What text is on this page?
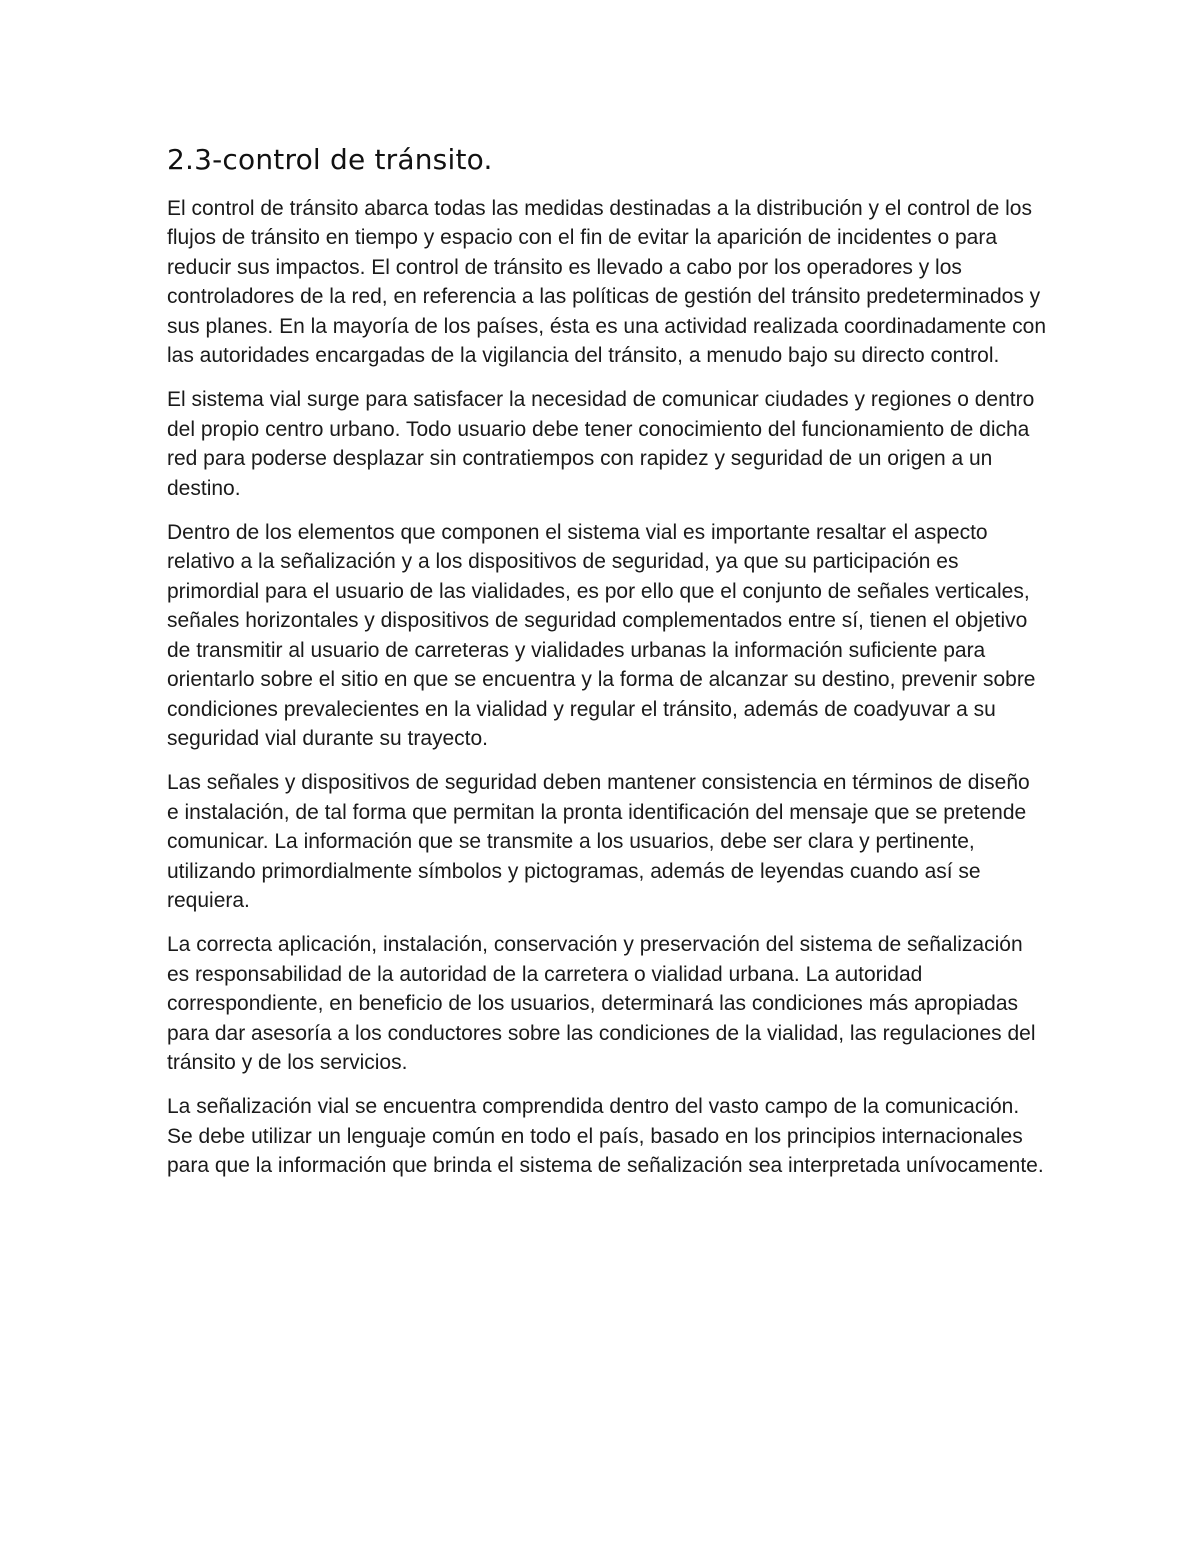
2.3-control de tránsito.

El control de tránsito abarca todas las medidas destinadas a la distribución y el control de los flujos de tránsito en tiempo y espacio con el fin de evitar la aparición de incidentes o para reducir sus impactos. El control de tránsito es llevado a cabo por los operadores y los controladores de la red, en referencia a las políticas de gestión del tránsito predeterminados y sus planes. En la mayoría de los países, ésta es una actividad realizada coordinadamente con las autoridades encargadas de la vigilancia del tránsito, a menudo bajo su directo control.

El sistema vial surge para satisfacer la necesidad de comunicar ciudades y regiones o dentro del propio centro urbano. Todo usuario debe tener conocimiento del funcionamiento de dicha red para poderse desplazar sin contratiempos con rapidez y seguridad de un origen a un destino.

Dentro de los elementos que componen el sistema vial es importante resaltar el aspecto relativo a la señalización y a los dispositivos de seguridad, ya que su participación es primordial para el usuario de las vialidades, es por ello que el conjunto de señales verticales, señales horizontales y dispositivos de seguridad complementados entre sí, tienen el objetivo de transmitir al usuario de carreteras y vialidades urbanas la información suficiente para orientarlo sobre el sitio en que se encuentra y la forma de alcanzar su destino, prevenir sobre condiciones prevalecientes en la vialidad y regular el tránsito, además de coadyuvar a su seguridad vial durante su trayecto.

Las señales y dispositivos de seguridad deben mantener consistencia en términos de diseño e instalación, de tal forma que permitan la pronta identificación del mensaje que se pretende comunicar. La información que se transmite a los usuarios, debe ser clara y pertinente, utilizando primordialmente símbolos y pictogramas, además de leyendas cuando así se requiera.

La correcta aplicación, instalación, conservación y preservación del sistema de señalización es responsabilidad de la autoridad de la carretera o vialidad urbana. La autoridad correspondiente, en beneficio de los usuarios, determinará las condiciones más apropiadas para dar asesoría a los conductores sobre las condiciones de la vialidad, las regulaciones del tránsito y de los servicios.

La señalización vial se encuentra comprendida dentro del vasto campo de la comunicación. Se debe utilizar un lenguaje común en todo el país, basado en los principios internacionales para que la información que brinda el sistema de señalización sea interpretada unívocamente.
